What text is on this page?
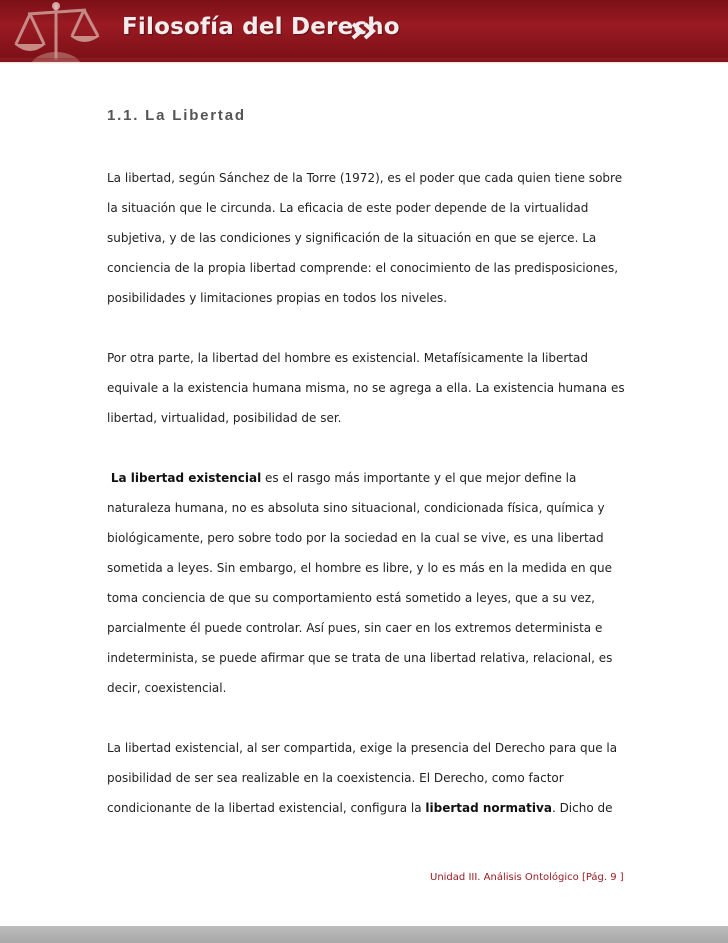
Filosofía del Derecho
1.1. La Libertad
La libertad, según Sánchez de la Torre (1972), es el poder que cada quien tiene sobre
la situación que le circunda. La eficacia de este poder depende de la virtualidad
subjetiva, y de las condiciones y significación de la situación en que se ejerce. La
conciencia de la propia libertad comprende: el conocimiento de las predisposiciones,
posibilidades y limitaciones propias en todos los niveles.
Por otra parte, la libertad del hombre es existencial. Metafísicamente la libertad
equivale a la existencia humana misma, no se agrega a ella. La existencia humana es
libertad, virtualidad, posibilidad de ser.
La libertad existencial es el rasgo más importante y el que mejor define la
naturaleza humana, no es absoluta sino situacional, condicionada física, química y
biológicamente, pero sobre todo por la sociedad en la cual se vive, es una libertad
sometida a leyes. Sin embargo, el hombre es libre, y lo es más en la medida en que
toma conciencia de que su comportamiento está sometido a leyes, que a su vez,
parcialmente él puede controlar. Así pues, sin caer en los extremos determinista e
indeterminista, se puede afirmar que se trata de una libertad relativa, relacional, es
decir, coexistencial.
La libertad existencial, al ser compartida, exige la presencia del Derecho para que la
posibilidad de ser sea realizable en la coexistencia. El Derecho, como factor
condicionante de la libertad existencial, configura la libertad normativa. Dicho de
Unidad III. Análisis Ontológico [Pág. 9 ]
